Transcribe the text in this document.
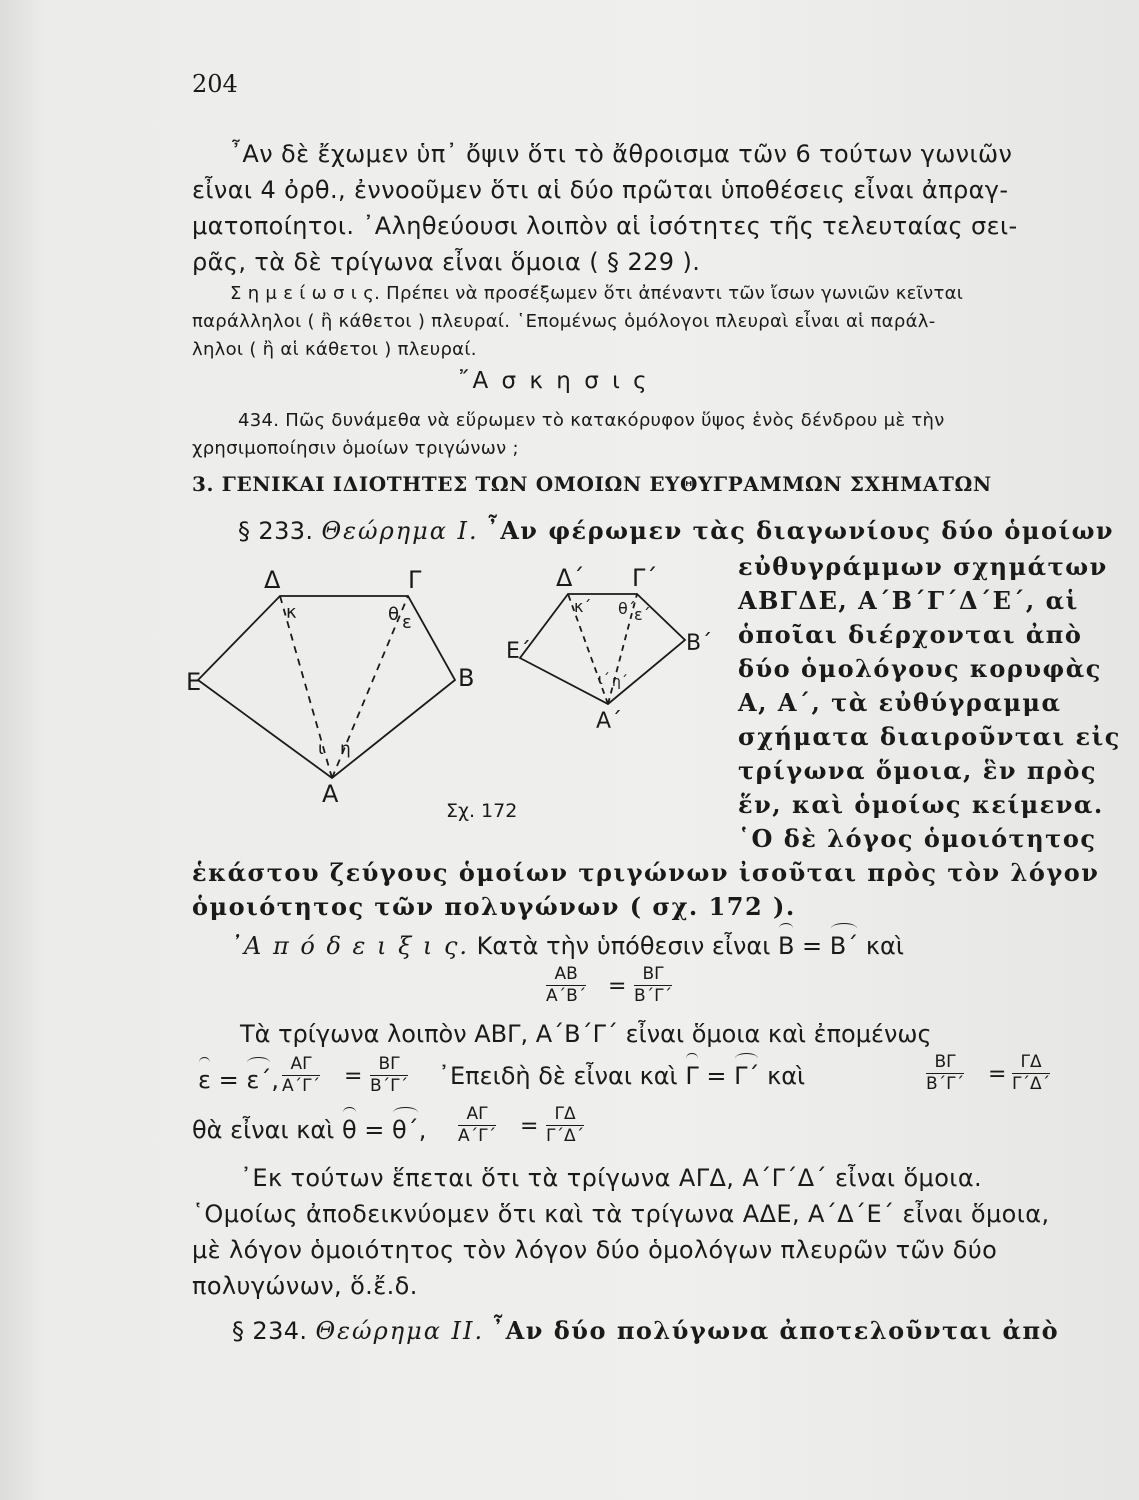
204
῏Αν δὲ ἔχωμεν ὑπ᾽ ὄψιν ὅτι τὸ ἄθροισμα τῶν 6 τούτων γωνιῶν
εἶναι 4 ὀρθ., ἐννοοῦμεν ὅτι αἱ δύο πρῶται ὑποθέσεις εἶναι ἀπραγ-
ματοποίητοι. ᾿Αληθεύουσι λοιπὸν αἱ ἰσότητες τῆς τελευταίας σει-
ρᾶς, τὰ δὲ τρίγωνα εἶναι ὅμοια ( § 229 ).
Σ η μ ε ί ω σ ι ς. Πρέπει νὰ προσέξωμεν ὅτι ἀπέναντι τῶν ἴσων γωνιῶν κεῖνται
παράλληλοι ( ἢ κάθετοι ) πλευραί. ῾Επομένως ὁμόλογοι πλευραὶ εἶναι αἱ παράλ-
ληλοι ( ἢ αἱ κάθετοι ) πλευραί.
῎Α σ κ η σ ι ς
434. Πῶς δυνάμεθα νὰ εὕρωμεν τὸ κατακόρυφον ὕψος ἑνὸς δένδρου μὲ τὴν
χρησιμοποίησιν ὁμοίων τριγώνων ;
3. ΓΕΝΙΚΑΙ ΙΔΙΟΤΗΤΕΣ ΤΩΝ ΟΜΟΙΩΝ ΕΥΘΥΓΡΑΜΜΩΝ ΣΧΗΜΑΤΩΝ
§ 233. Θεώρημα Ι. ῏Αν φέρωμεν τὰς διαγωνίους δύο ὁμοίων
εὐθυγράμμων σχημάτων
ΑΒΓΔΕ, Α΄Β΄Γ΄Δ΄Ε΄, αἱ
ὁποῖαι διέρχονται ἀπὸ
δύο ὁμολόγους κορυφὰς
Α, Α΄, τὰ εὐθύγραμμα
σχήματα διαιροῦνται εἰς
τρίγωνα ὅμοια, ἓν πρὸς
ἕν, καὶ ὁμοίως κείμενα.
῾Ο δὲ λόγος ὁμοιότητος
ἑκάστου ζεύγους ὁμοίων τριγώνων ἰσοῦται πρὸς τὸν λόγον
ὁμοιότητος τῶν πολυγώνων ( σχ. 172 ).
Δ	Γ
Ε	Β
Α
κ	θ ε
ι η
Δ΄ Γ΄
Ε΄	Β΄
Α΄
κ΄ θ΄
ε΄
ι΄ η΄
Σχ. 172
᾿Α π ό δ ε ι ξ ι ς. Κατὰ τὴν ὑπόθεσιν εἶναι Β = Β΄ καὶ
$\frac{AB}{A΄B΄} = \frac{B\Gamma}{B΄\Gamma΄}$
Τὰ τρίγωνα λοιπὸν ΑΒΓ, Α΄Β΄Γ΄ εἶναι ὅμοια καὶ ἐπομένως
ε = ε΄, $\frac{A\Gamma}{A΄\Gamma΄} = \frac{B\Gamma}{B΄\Gamma΄}$ ᾿Επειδὴ δὲ εἶναι καὶ Γ = Γ΄ καὶ	$\frac{B\Gamma}{B΄\Gamma΄} = \frac{\Gamma\Delta}{\Gamma΄\Delta΄}$
θὰ εἶναι καὶ θ = θ΄, $\frac{A\Gamma}{A΄\Gamma΄} = \frac{\Gamma\Delta}{\Gamma΄\Delta΄}$
᾿Εκ τούτων ἕπεται ὅτι τὰ τρίγωνα ΑΓΔ, Α΄Γ΄Δ΄ εἶναι ὅμοια.
῾Ομοίως ἀποδεικνύομεν ὅτι καὶ τὰ τρίγωνα ΑΔΕ, Α΄Δ΄Ε΄ εἶναι ὅμοια,
μὲ λόγον ὁμοιότητος τὸν λόγον δύο ὁμολόγων πλευρῶν τῶν δύο
πολυγώνων, ὅ.ἔ.δ.
§ 234. Θεώρημα ΙΙ. ῏Αν δύο πολύγωνα ἀποτελοῦνται ἀπὸ
